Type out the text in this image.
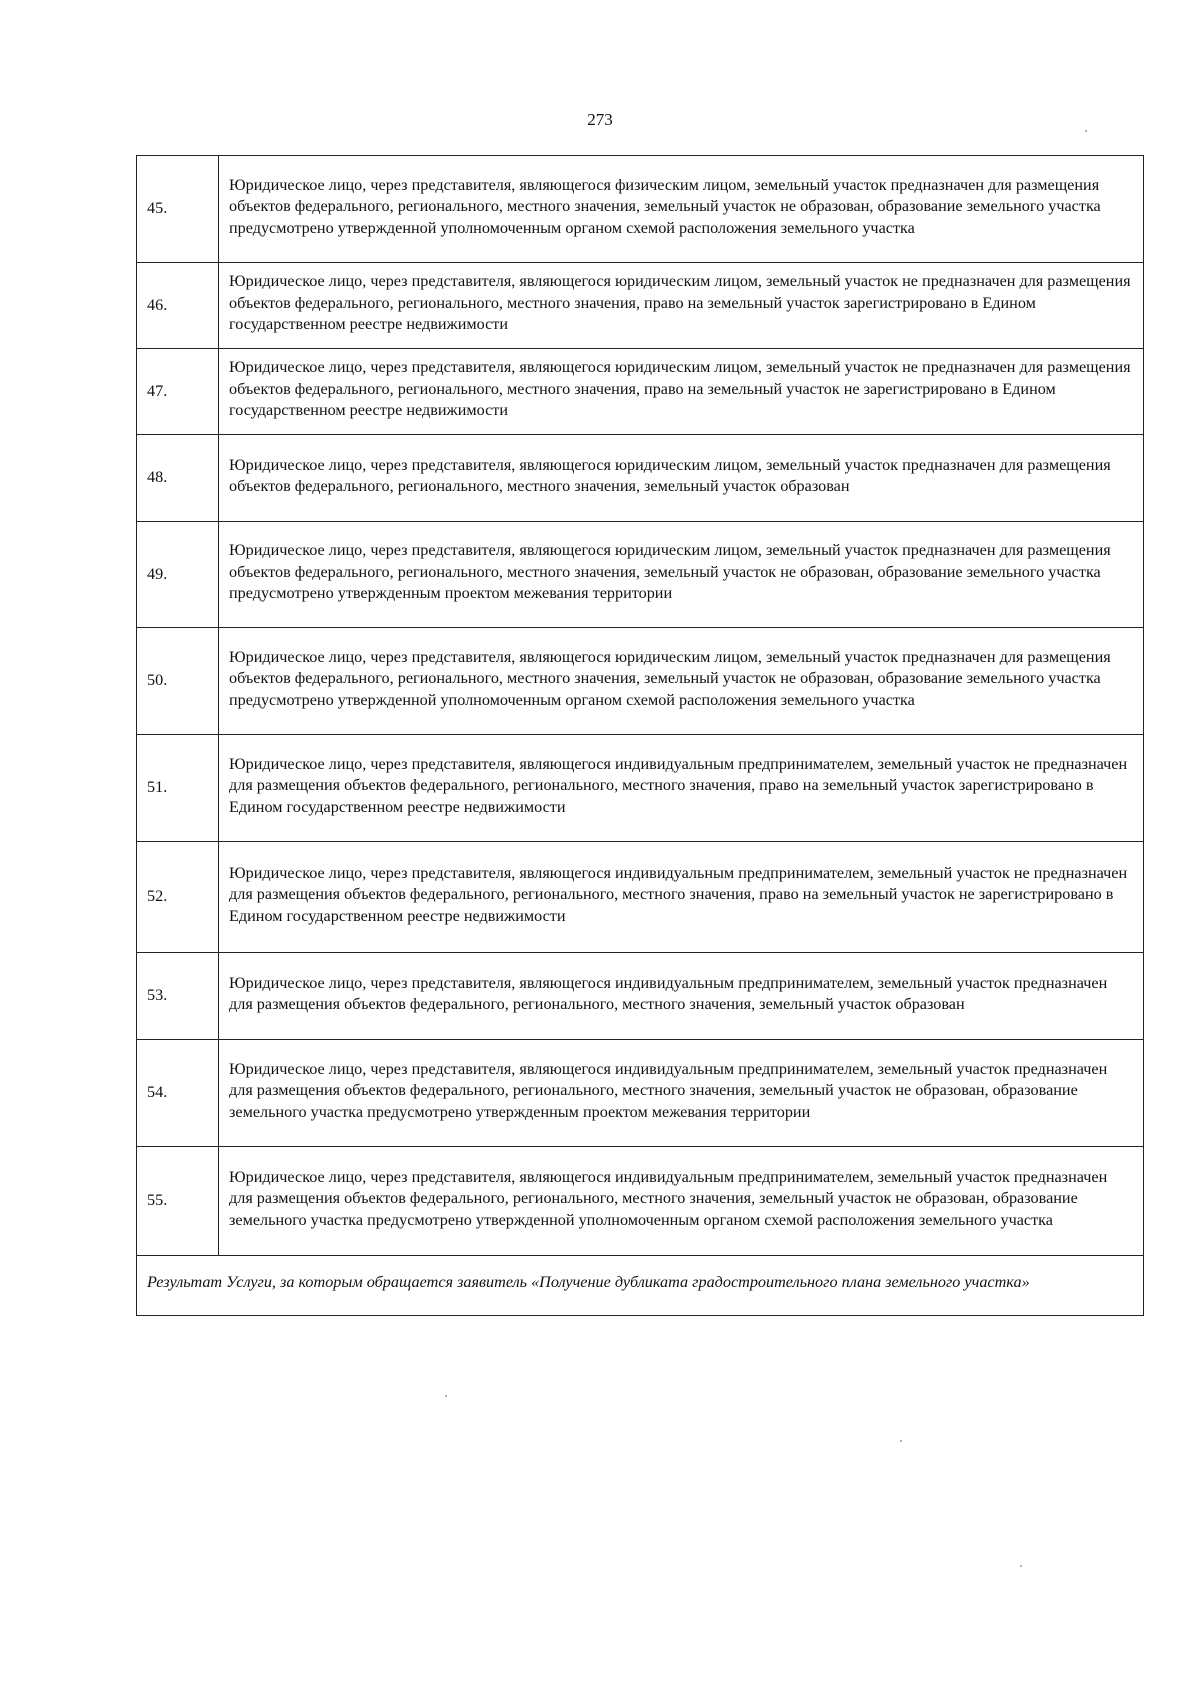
273
45.	Юридическое лицо, через представителя, являющегося физическим лицом, земельный участок предназначен для размещения объектов федерального, регионального, местного значения, земельный участок не образован, образование земельного участка предусмотрено утвержденной уполномоченным органом схемой расположения земельного участка
46.	Юридическое лицо, через представителя, являющегося юридическим лицом, земельный участок не предназначен для размещения объектов федерального, регионального, местного значения, право на земельный участок зарегистрировано в Едином государственном реестре недвижимости
47.	Юридическое лицо, через представителя, являющегося юридическим лицом, земельный участок не предназначен для размещения объектов федерального, регионального, местного значения, право на земельный участок не зарегистрировано в Едином государственном реестре недвижимости
48.	Юридическое лицо, через представителя, являющегося юридическим лицом, земельный участок предназначен для размещения объектов федерального, регионального, местного значения, земельный участок образован
49.	Юридическое лицо, через представителя, являющегося юридическим лицом, земельный участок предназначен для размещения объектов федерального, регионального, местного значения, земельный участок не образован, образование земельного участка предусмотрено утвержденным проектом межевания территории
50.	Юридическое лицо, через представителя, являющегося юридическим лицом, земельный участок предназначен для размещения объектов федерального, регионального, местного значения, земельный участок не образован, образование земельного участка предусмотрено утвержденной уполномоченным органом схемой расположения земельного участка
51.	Юридическое лицо, через представителя, являющегося индивидуальным предпринимателем, земельный участок не предназначен для размещения объектов федерального, регионального, местного значения, право на земельный участок зарегистрировано в Едином государственном реестре недвижимости
52.	Юридическое лицо, через представителя, являющегося индивидуальным предпринимателем, земельный участок не предназначен для размещения объектов федерального, регионального, местного значения, право на земельный участок не зарегистрировано в Едином государственном реестре недвижимости
53.	Юридическое лицо, через представителя, являющегося индивидуальным предпринимателем, земельный участок предназначен для размещения объектов федерального, регионального, местного значения, земельный участок образован
54.	Юридическое лицо, через представителя, являющегося индивидуальным предпринимателем, земельный участок предназначен для размещения объектов федерального, регионального, местного значения, земельный участок не образован, образование земельного участка предусмотрено утвержденным проектом межевания территории
55.	Юридическое лицо, через представителя, являющегося индивидуальным предпринимателем, земельный участок предназначен для размещения объектов федерального, регионального, местного значения, земельный участок не образован, образование земельного участка предусмотрено утвержденной уполномоченным органом схемой расположения земельного участка
Результат Услуги, за которым обращается заявитель «Получение дубликата градостроительного плана земельного участка»	
